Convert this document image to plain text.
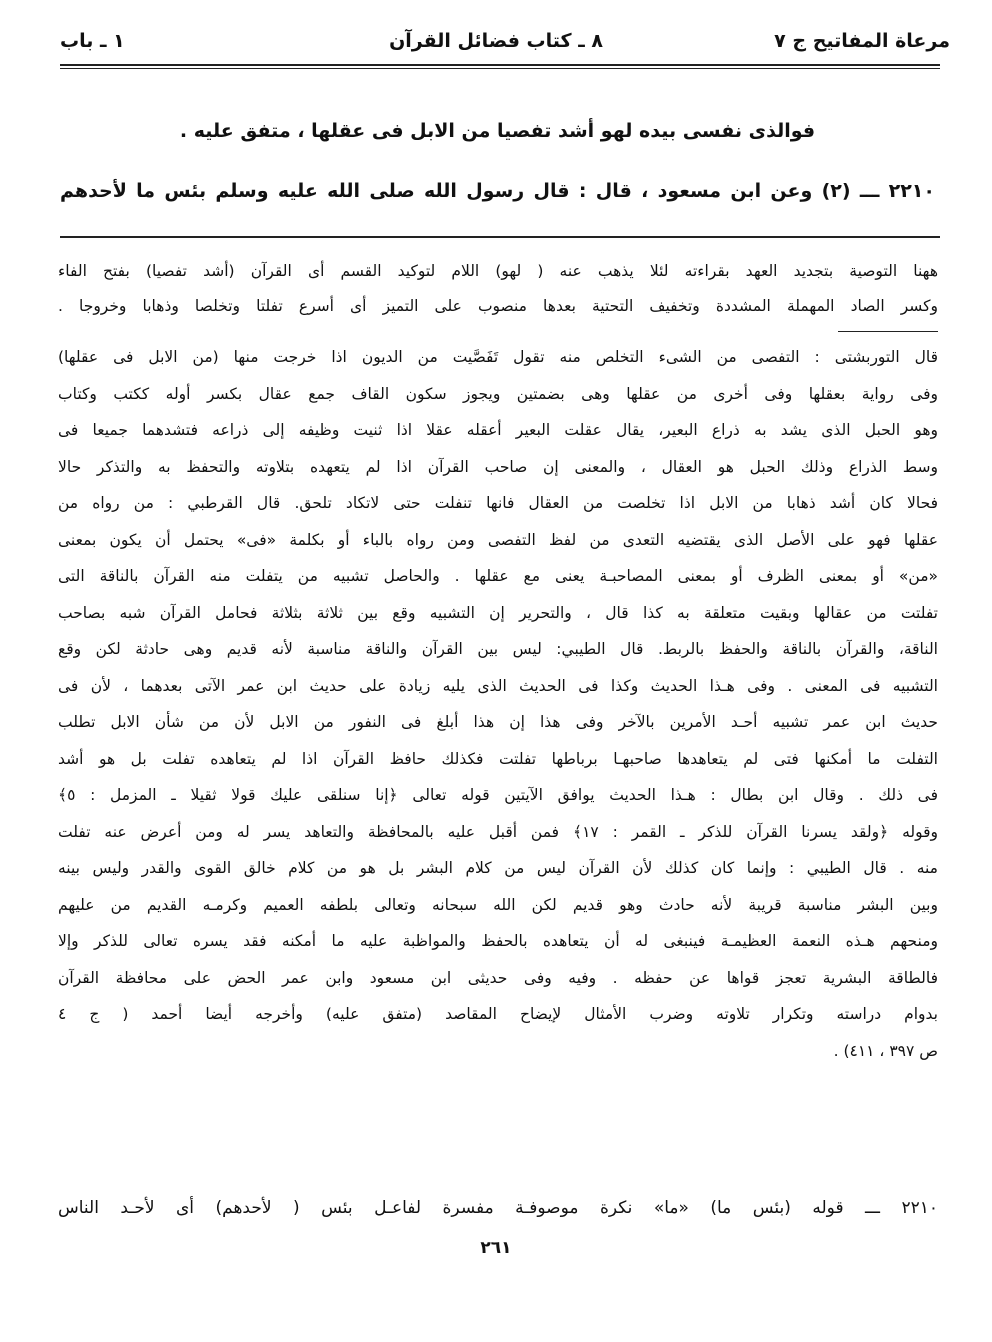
مرعاة المفاتيح ج ٧
٨ ـ كتاب فضائل القرآن
١ ـ باب
فوالذى نفسى بيده لهو أشد تفصيا من الابل فى عقلها ، متفق عليه .
٢٢١٠ ـــ (٢) وعن ابن مسعود ، قال : قال رسول الله صلى الله عليه وسلم بئس ما لأحدهم
ههنا التوصية بتجديد العهد بقراءته لئلا يذهب عنه ( لهو) اللام لتوكيد القسم أى القرآن (أشد تفصيا) بفتح الفاء
وكسر الصاد المهملة المشددة وتخفيف التحتية بعدها منصوب على التميز أى أسرع تفلتا وتخلصا وذهابا وخروجا .
قال التوربشتى : التفصى من الشىء التخلص منه تقول تَفَصَّيت من الديون اذا خرجت منها (من الابل فى عقلها)
وفى رواية بعقلها وفى أخرى من عقلها وهى بضمتين ويجوز سكون القاف جمع عقال بكسر أوله ككتب وكتاب
وهو الحبل الذى يشد به ذراع البعير، يقال عقلت البعير أعقله عقلا اذا ثنيت وظيفه إلى ذراعه فتشدهما جميعا فى
وسط الذراع وذلك الحبل هو العقال ، والمعنى إن صاحب القرآن اذا لم يتعهده بتلاوته والتحفظ به والتذكر حالا
فحالا كان أشد ذهابا من الابل اذا تخلصت من العقال فانها تنفلت حتى لاتكاد تلحق. قال القرطبي : من رواه من
عقلها فهو على الأصل الذى يقتضيه التعدى من لفظ التفصى ومن رواه بالباء أو بكلمة «فى» يحتمل أن يكون بمعنى
«من» أو بمعنى الظرف أو بمعنى المصاحبـة يعنى مع عقلها . والحاصل تشبيه من يتفلت منه القرآن بالناقة التى
تفلتت من عقالها وبقيت متعلقة به كذا قال ، والتحرير إن التشبيه وقع بين ثلاثة بثلاثة فحامل القرآن شبه بصاحب
الناقة، والقرآن بالناقة والحفظ بالربط. قال الطيبي: ليس بين القرآن والناقة مناسبة لأنه قديم وهى حادثة لكن وقع
التشبيه فى المعنى . وفى هـذا الحديث وكذا فى الحديث الذى يليه زيادة على حديث ابن عمر الآتى بعدهما ، لأن فى
حديث ابن عمر تشبيه أحـد الأمرين بالآخر وفى هذا إن هذا أبلغ فى النفور من الابل لأن من شأن الابل تطلب
التفلت ما أمكنها فتى لم يتعاهدها صاحبهـا برباطها تفلتت فكذلك حافظ القرآن اذا لم يتعاهده تفلت بل هو أشد
فى ذلك . وقال ابن بطال : هـذا الحديث يوافق الآيتين قوله تعالى ﴿إنا سنلقى عليك قولا ثقيلا ـ المزمل : ٥﴾
وقوله ﴿ولقد يسرنا القرآن للذكر ـ القمر : ١٧﴾ فمن أقبل عليه بالمحافظة والتعاهد يسر له ومن أعرض عنه تفلت
منه . قال الطيبي : وإنما كان كذلك لأن القرآن ليس من كلام البشر بل هو من كلام خالق القوى والقدر وليس بينه
وبين البشر مناسبة قريبة لأنه حادث وهو قديم لكن الله سبحانه وتعالى بلطفه العميم وكرمـه القديم من عليهم
ومنحهم هـذه النعمة العظيمـة فينبغى له أن يتعاهده بالحفظ والمواظبة عليه ما أمكنه فقد يسره تعالى للذكر وإلا
فالطاقة البشرية تعجز قواها عن حفظه . وفيه وفى حديثى ابن مسعود وابن عمر الحض على محافظة القرآن
بدوام دراسته وتكرار تلاوته وضرب الأمثال لإيضاح المقاصد (متفق عليه) وأخرجه أيضا أحمد ( ج ٤
ص ٣٩٧ ، ٤١١) .
٢٢١٠ ـــ قوله (بئس ما) «ما» نكرة موصوفـة مفسرة لفاعـل بئس ( لأحدهم) أى لأحـد الناس
٢٦١
